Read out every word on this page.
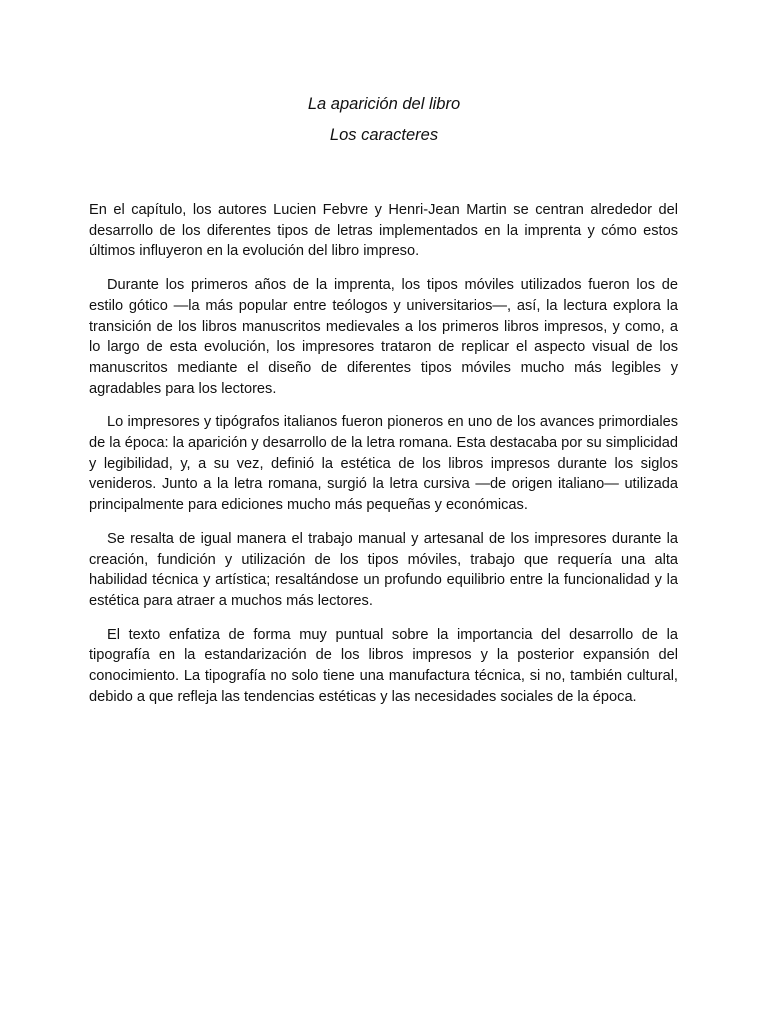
La aparición del libro

Los caracteres

En el capítulo, los autores Lucien Febvre y Henri-Jean Martin se centran alrededor del desarrollo de los diferentes tipos de letras implementados en la imprenta y cómo estos últimos influyeron en la evolución del libro impreso.

Durante los primeros años de la imprenta, los tipos móviles utilizados fueron los de estilo gótico —la más popular entre teólogos y universitarios—, así, la lectura explora la transición de los libros manuscritos medievales a los primeros libros impresos, y como, a lo largo de esta evolución, los impresores trataron de replicar el aspecto visual de los manuscritos mediante el diseño de diferentes tipos móviles mucho más legibles y agradables para los lectores.

Lo impresores y tipógrafos italianos fueron pioneros en uno de los avances primordiales de la época: la aparición y desarrollo de la letra romana. Esta destacaba por su simplicidad y legibilidad, y, a su vez, definió la estética de los libros impresos durante los siglos venideros. Junto a la letra romana, surgió la letra cursiva —de origen italiano— utilizada principalmente para ediciones mucho más pequeñas y económicas.

Se resalta de igual manera el trabajo manual y artesanal de los impresores durante la creación, fundición y utilización de los tipos móviles, trabajo que requería una alta habilidad técnica y artística; resaltándose un profundo equilibrio entre la funcionalidad y la estética para atraer a muchos más lectores.

El texto enfatiza de forma muy puntual sobre la importancia del desarrollo de la tipografía en la estandarización de los libros impresos y la posterior expansión del conocimiento. La tipografía no solo tiene una manufactura técnica, si no, también cultural, debido a que refleja las tendencias estéticas y las necesidades sociales de la época.
